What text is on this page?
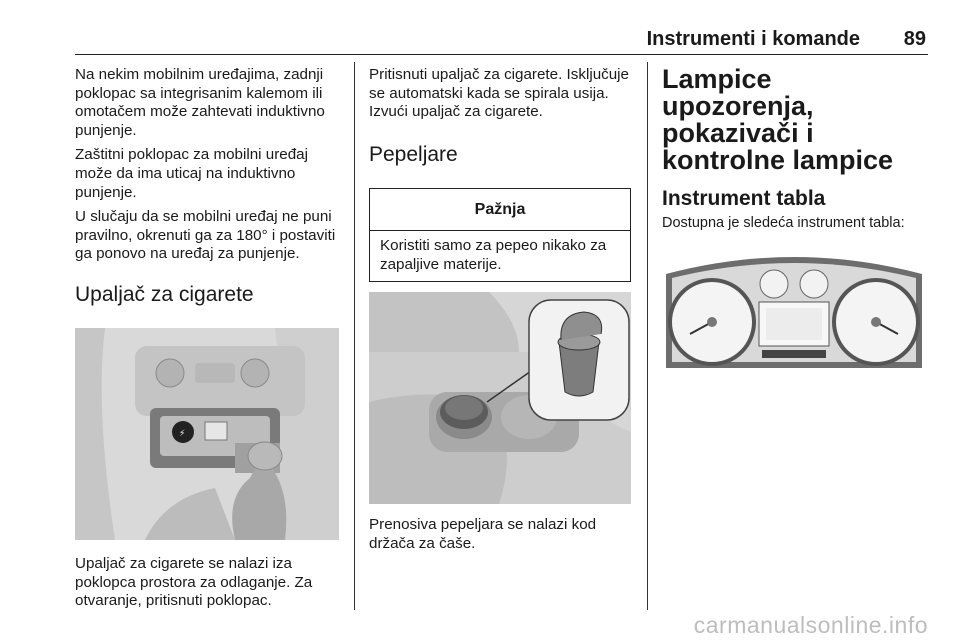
Instrumenti i komande 89

Na nekim mobilnim uređajima, zadnji poklopac sa integrisanim kalemom ili omotačem može zahtevati induktivno punjenje.

Zaštitni poklopac za mobilni uređaj može da ima uticaj na induktivno punjenje.

U slučaju da se mobilni uređaj ne puni pravilno, okrenuti ga za 180° i postaviti ga ponovo na uređaj za punjenje.

Upaljač za cigarete
⚡

Upaljač za cigarete se nalazi iza poklopca prostora za odlaganje. Za otvaranje, pritisnuti poklopac.

Pritisnuti upaljač za cigarete. Isključuje se automatski kada se spirala usija. Izvući upaljač za cigarete.

Pepeljare
Pažnja
Koristiti samo za pepeo nikako za zapaljive materije.

Prenosiva pepeljara se nalazi kod držača za čaše.

Lampice upozorenja, pokazivači i kontrolne lampice
Instrument tabla

Dostupna je sledeća instrument tabla:

carmanualsonline.info
